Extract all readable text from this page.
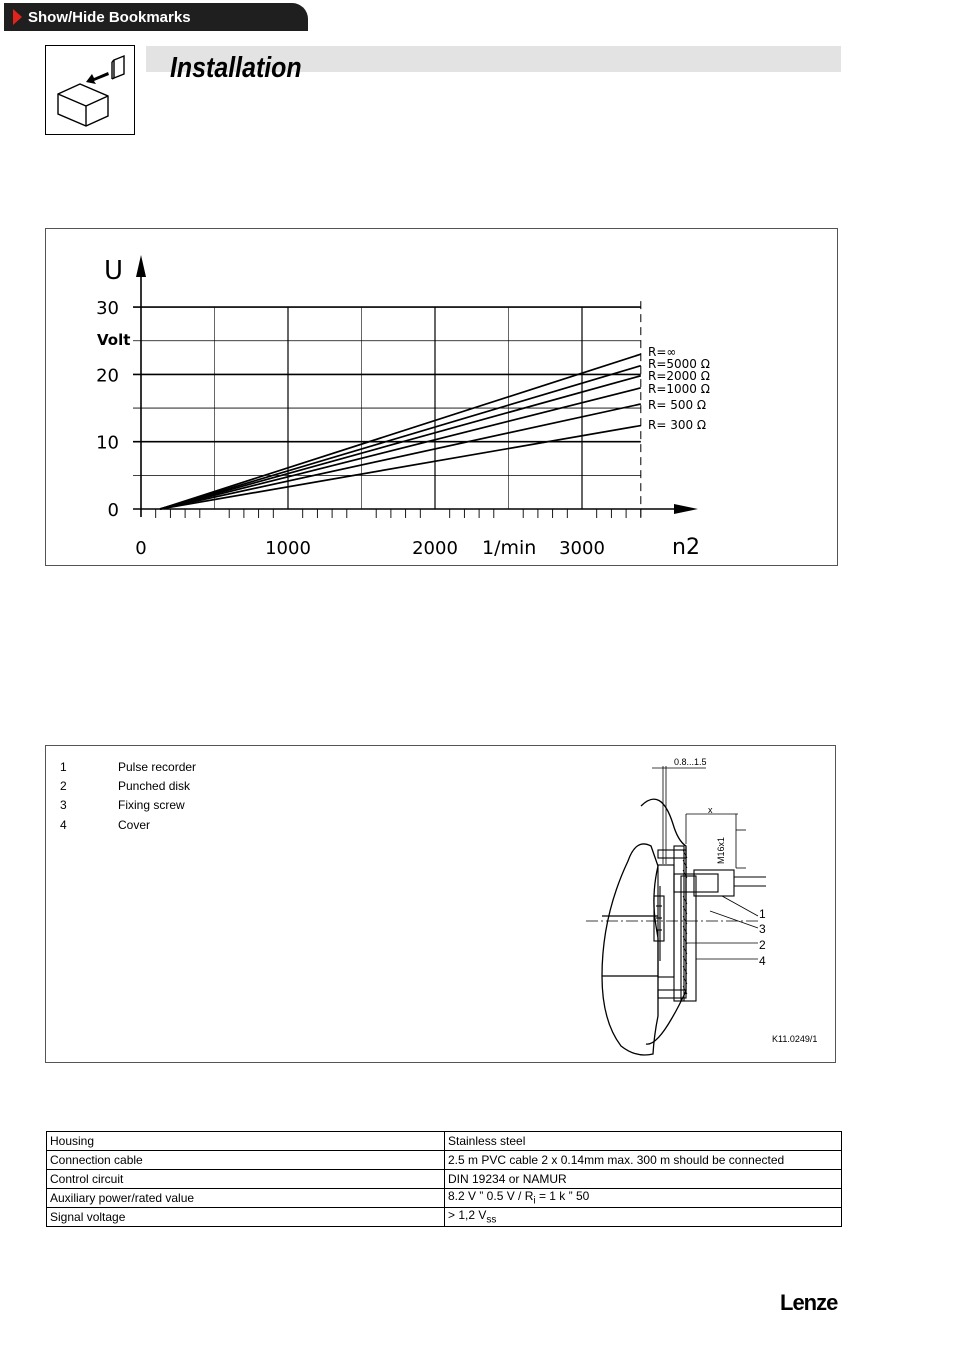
Show/Hide Bookmarks
Installation
0
10
20
30
0	1000	2000	3000
U
Volt
1/min	n2
R=∞
R=5000 Ω
R=2000 Ω
R=1000 Ω
R= 500 Ω
R= 300 Ω
1	Pulse recorder
2	Punched disk
3	Fixing screw
4	Cover
0.8...1.5
x
M16x1
1
3
2
4
K11.0249/1
Housing	Stainless steel
Connection cable	2.5 m PVC cable 2 x 0.14mm max. 300 m should be connected
Control circuit	DIN 19234 or NAMUR
Auxiliary power/rated value	8.2 V ” 0.5 $V / R_i = 1$ k ” 50
Signal voltage	> 1,2 $V_{ss}$
Lenze
